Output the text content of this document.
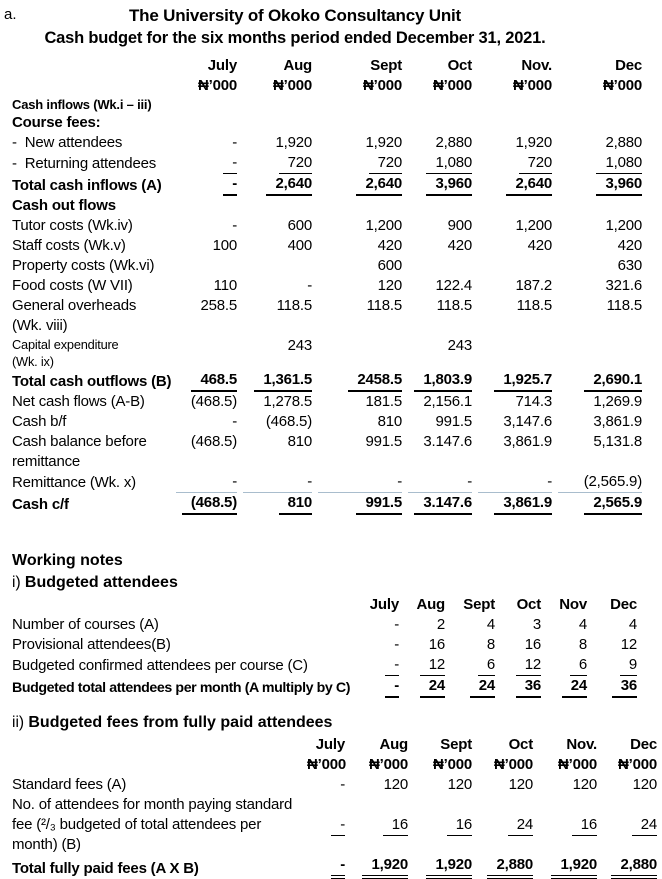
a.	The University of Okoko Consultancy Unit
Cash budget for the six months period ended December 31, 2021.
	July	Aug	Sept	Oct	Nov.	Dec
	₦’000	₦’000	₦’000	₦’000	₦’000	₦’000
Cash inflows (Wk.i – iii)						
Course fees:						
-  New attendees	-	1,920	1,920	2,880	1,920	2,880
-  Returning attendees	-	720	720	1,080	720	1,080
Total cash inflows (A)	-	2,640	2,640	3,960	2,640	3,960
Cash out flows						
Tutor costs (Wk.iv)	-	600	1,200	900	1,200	1,200
Staff costs (Wk.v)	100	400	420	420	420	420
Property costs (Wk.vi)			600			630
Food costs (W VII)	110	-	120	122.4	187.2	321.6
General overheads
(Wk. viii)	258.5	118.5	118.5	118.5	118.5	118.5
Capital expenditure
(Wk. ix)		243		243		
Total cash outflows (B)	468.5	1,361.5	2458.5	1,803.9	1,925.7	2,690.1
Net cash flows (A-B)	(468.5)	1,278.5	181.5	2,156.1	714.3	1,269.9
Cash b/f	-	(468.5)	810	991.5	3,147.6	3,861.9
Cash balance before
remittance	(468.5)	810	991.5	3.147.6	3,861.9	5,131.8
Remittance (Wk. x)	-	-	-	-	-	(2,565.9)

Cash c/f	(468.5)	810	991.5	3.147.6	3,861.9	2,565.9
Working notes
i) Budgeted attendees
	July	Aug	Sept	Oct	Nov	Dec
Number of courses (A)	-	2	4	3	4	4
Provisional attendees(B)	-	16	8	16	8	12
Budgeted confirmed attendees per course (C)	-	12	6	12	6	9
Budgeted total attendees per month (A multiply by C)	-	24	24	36	24	36
ii) Budgeted fees from fully paid attendees
	July	Aug	Sept	Oct	Nov.	Dec
	₦’000	₦’000	₦’000	₦’000	₦’000	₦’000
Standard fees (A)	-	120	120	120	120	120
No. of attendees for month paying standard fee (²/₃ budgeted of total attendees per month) (B)	-	16	16	24	16	24
Total fully paid fees (A X B)	-	1,920	1,920	2,880	1,920	2,880
